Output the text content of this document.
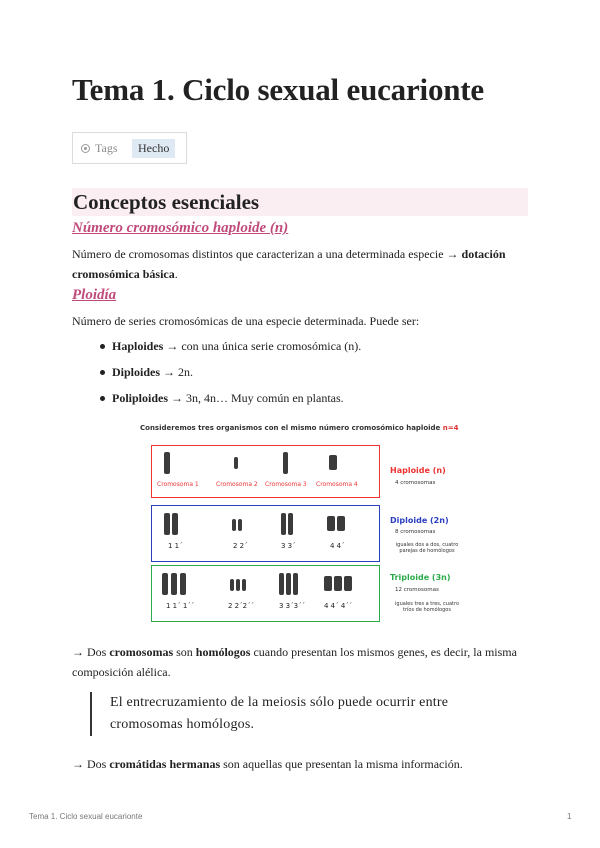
Tema 1. Ciclo sexual eucarionte
Tags	Hecho
Conceptos esenciales
Número cromosómico haploide (n)

Número de cromosomas distintos que caracterizan a una determinada especie → dotación cromosómica básica.

Ploidía

Número de series cromosómicas de una especie determinada. Puede ser:

Haploides → con una única serie cromosómica (n).
Diploides → 2n.
Poliploides → 3n, 4n… Muy común en plantas.
Consideremos tres organismos con el mismo número cromosómico haploide n=4
Cromosoma 1	Cromosoma 2 Cromosoma 3 Cromosoma 4
1 1´	2 2´	3 3´	4 4´
1 1´ 1´´	2 2´2´´	3 3´3´´	4 4´ 4´´
Haploide (n)
4 cromosomas
Diploide (2n)
8 cromosomas
iguales dos a dos, cuatro parejas de homólogos
Triploide (3n)
12 cromosomas
iguales tres a tres, cuatro tríos de homólogos

→ Dos cromosomas son homólogos cuando presentan los mismos genes, es decir, la misma composición alélica.

El entrecruzamiento de la meiosis sólo puede ocurrir entre cromosomas homólogos.

→ Dos cromátidas hermanas son aquellas que presentan la misma información.

Tema 1. Ciclo sexual eucarionte	1
